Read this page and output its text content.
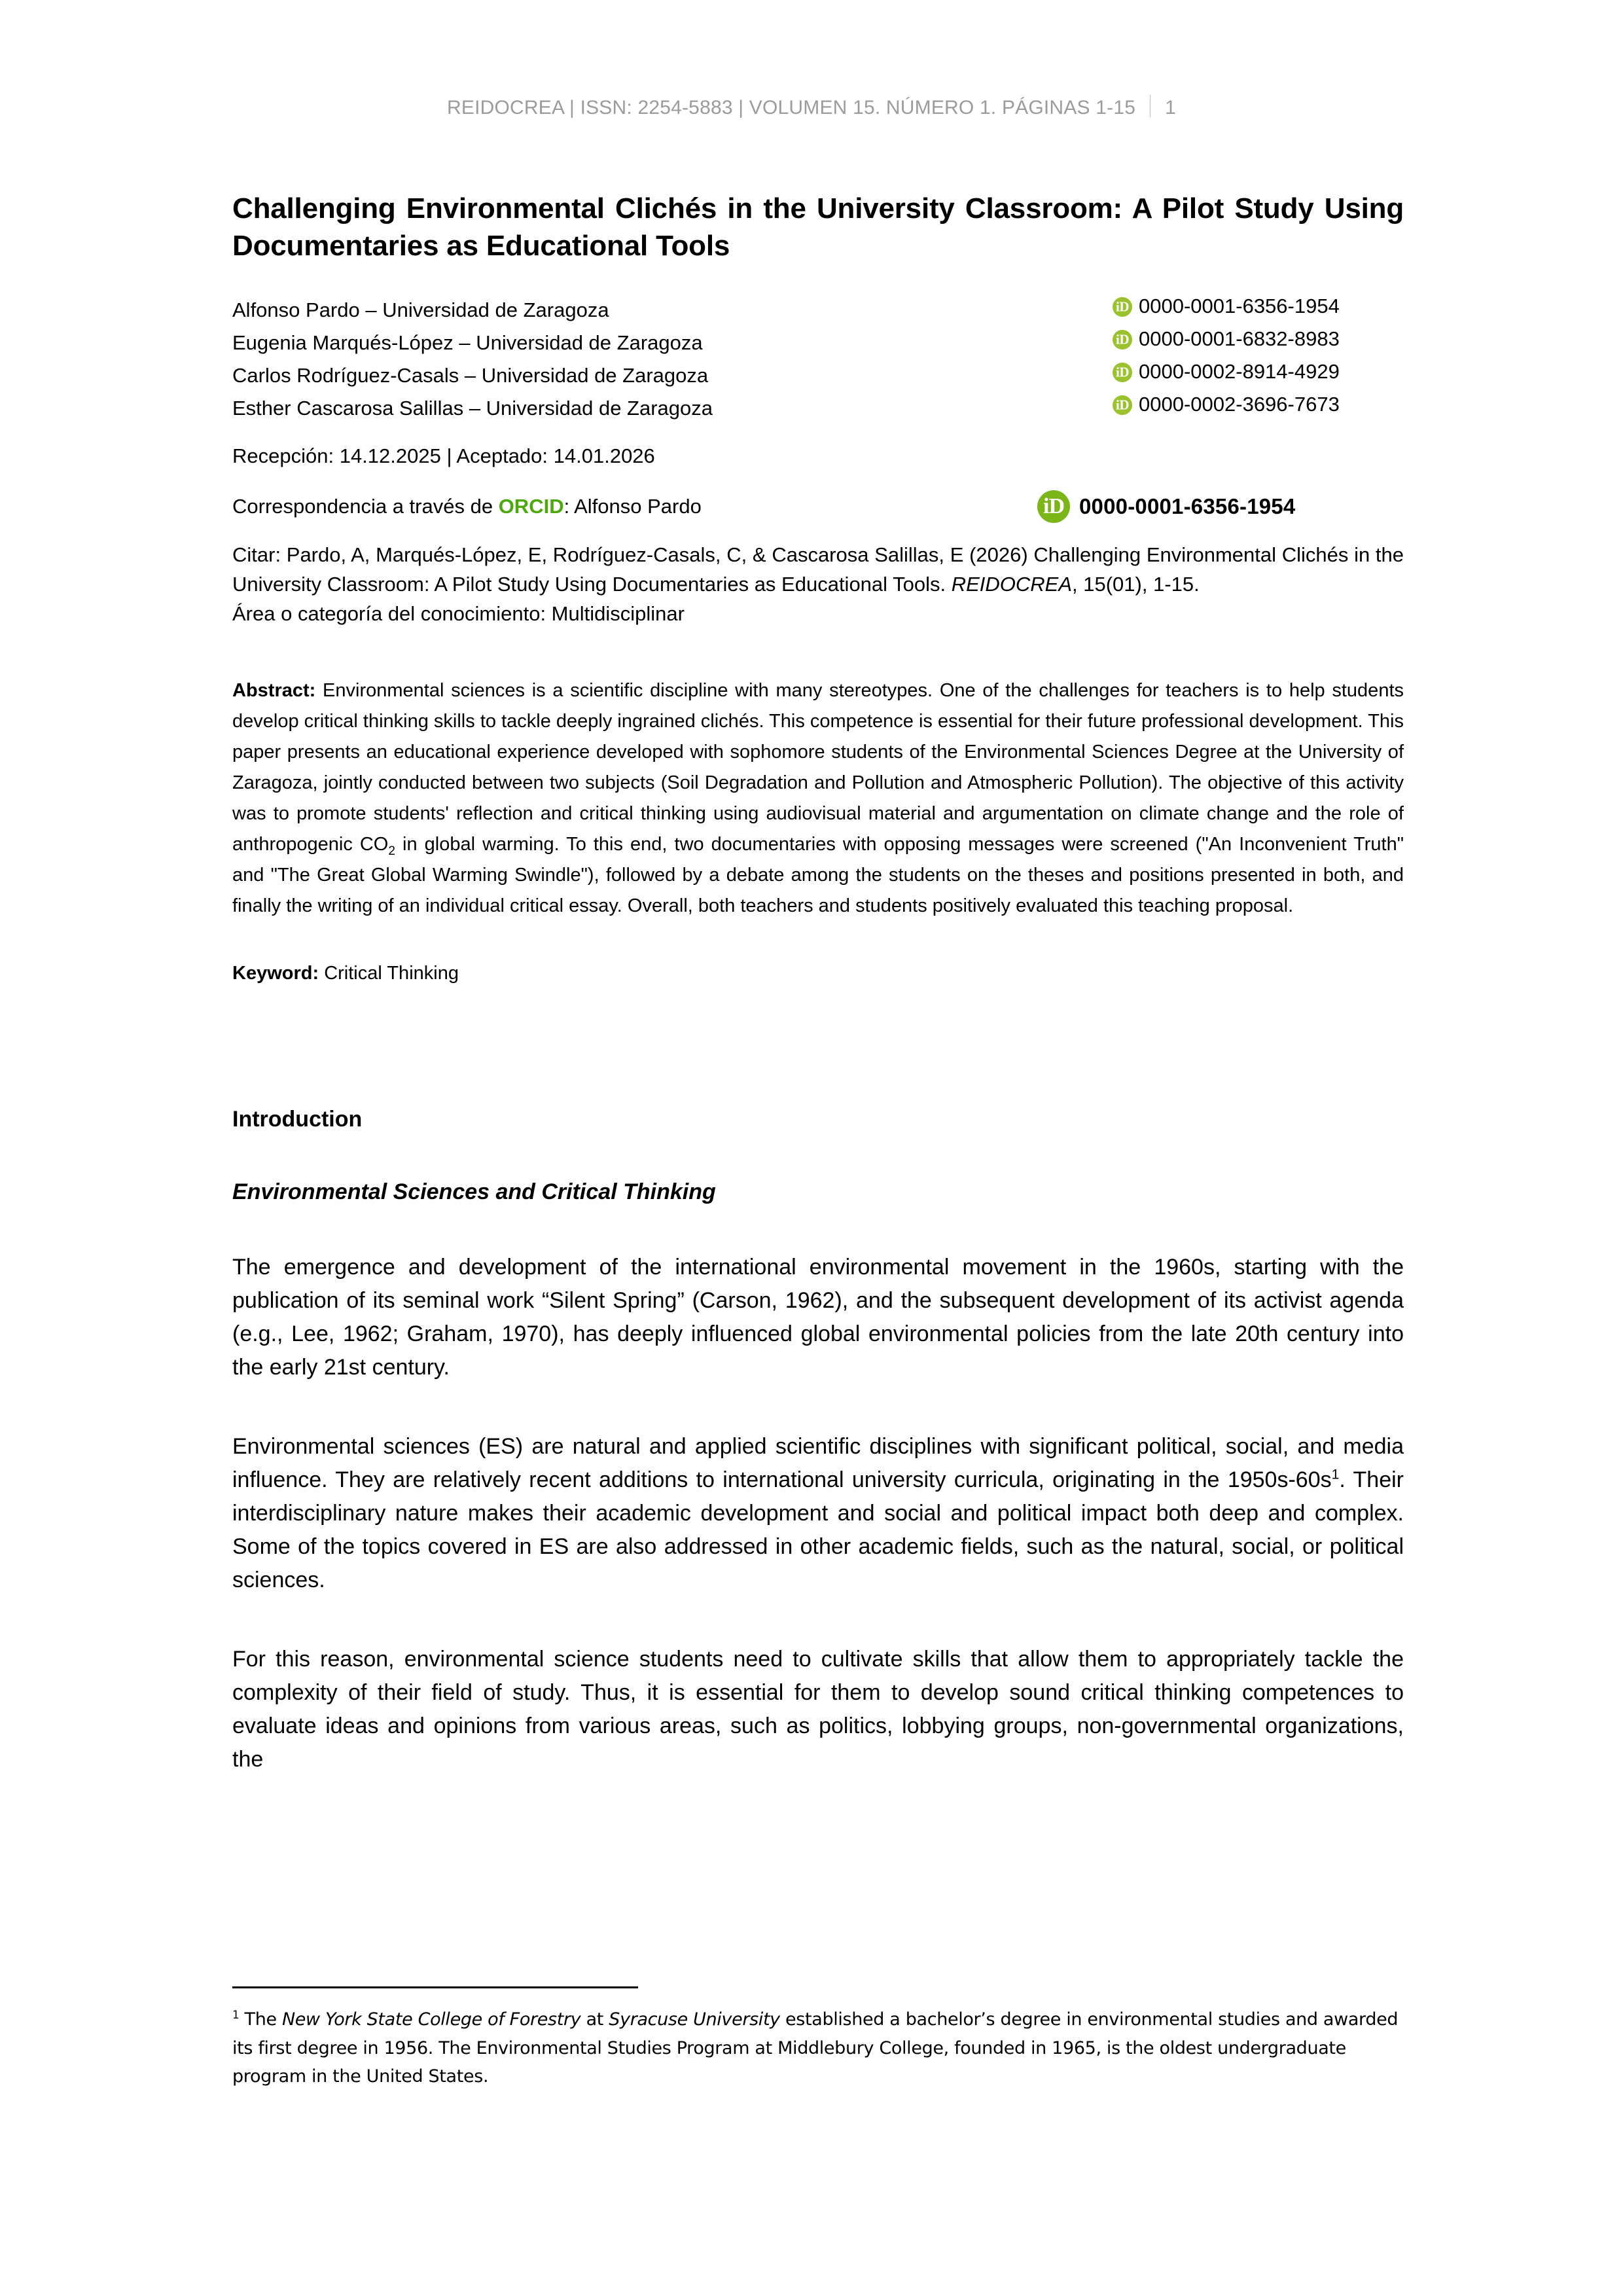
REIDOCREA | ISSN: 2254-5883 | VOLUMEN 15. NÚMERO 1. PÁGINAS 1-15 1
Challenging Environmental Clichés in the University Classroom: A Pilot Study Using Documentaries as Educational Tools
Alfonso Pardo – Universidad de Zaragoza iD	0000-0001-6356-1954
Eugenia Marqués-López – Universidad de Zaragoza iD	0000-0001-6832-8983
Carlos Rodríguez-Casals – Universidad de Zaragoza iD	0000-0002-8914-4929
Esther Cascarosa Salillas – Universidad de Zaragoza iD	0000-0002-3696-7673

Recepción: 14.12.2025 | Aceptado: 14.01.2026

Correspondencia a través de ORCID: Alfonso Pardo iD	0000-0001-6356-1954

Citar: Pardo, A, Marqués-López, E, Rodríguez-Casals, C, & Cascarosa Salillas, E (2026) Challenging Environmental Clichés in the University Classroom: A Pilot Study Using Documentaries as Educational Tools. REIDOCREA, 15(01), 1-15.

Área o categoría del conocimiento: Multidisciplinar

Abstract: Environmental sciences is a scientific discipline with many stereotypes. One of the challenges for teachers is to help students develop critical thinking skills to tackle deeply ingrained clichés. This competence is essential for their future professional development. This paper presents an educational experience developed with sophomore students of the Environmental Sciences Degree at the University of Zaragoza, jointly conducted between two subjects (Soil Degradation and Pollution and Atmospheric Pollution). The objective of this activity was to promote students' reflection and critical thinking using audiovisual material and argumentation on climate change and the role of anthropogenic $CO_2$ in global warming. To this end, two documentaries with opposing messages were screened ("An Inconvenient Truth" and "The Great Global Warming Swindle"), followed by a debate among the students on the theses and positions presented in both, and finally the writing of an individual critical essay. Overall, both teachers and students positively evaluated this teaching proposal.

Keyword: Critical Thinking

Introduction
Environmental Sciences and Critical Thinking

The emergence and development of the international environmental movement in the 1960s, starting with the publication of its seminal work “Silent Spring” (Carson, 1962), and the subsequent development of its activist agenda (e.g., Lee, 1962; Graham, 1970), has deeply influenced global environmental policies from the late 20th century into the early 21st century.

Environmental sciences (ES) are natural and applied scientific disciplines with significant political, social, and media influence. They are relatively recent additions to international university curricula, originating in the $1950s-60s^1$. Their interdisciplinary nature makes their academic development and social and political impact both deep and complex. Some of the topics covered in ES are also addressed in other academic fields, such as the natural, social, or political sciences.

For this reason, environmental science students need to cultivate skills that allow them to appropriately tackle the complexity of their field of study. Thus, it is essential for them to develop sound critical thinking competences to evaluate ideas and opinions from various areas, such as politics, lobbying groups, non-governmental organizations, the

$^1$ The New York State College of Forestry at Syracuse University established a bachelor’s degree in environmental studies and awarded its first degree in 1956. The Environmental Studies Program at Middlebury College, founded in 1965, is the oldest undergraduate program in the United States.
